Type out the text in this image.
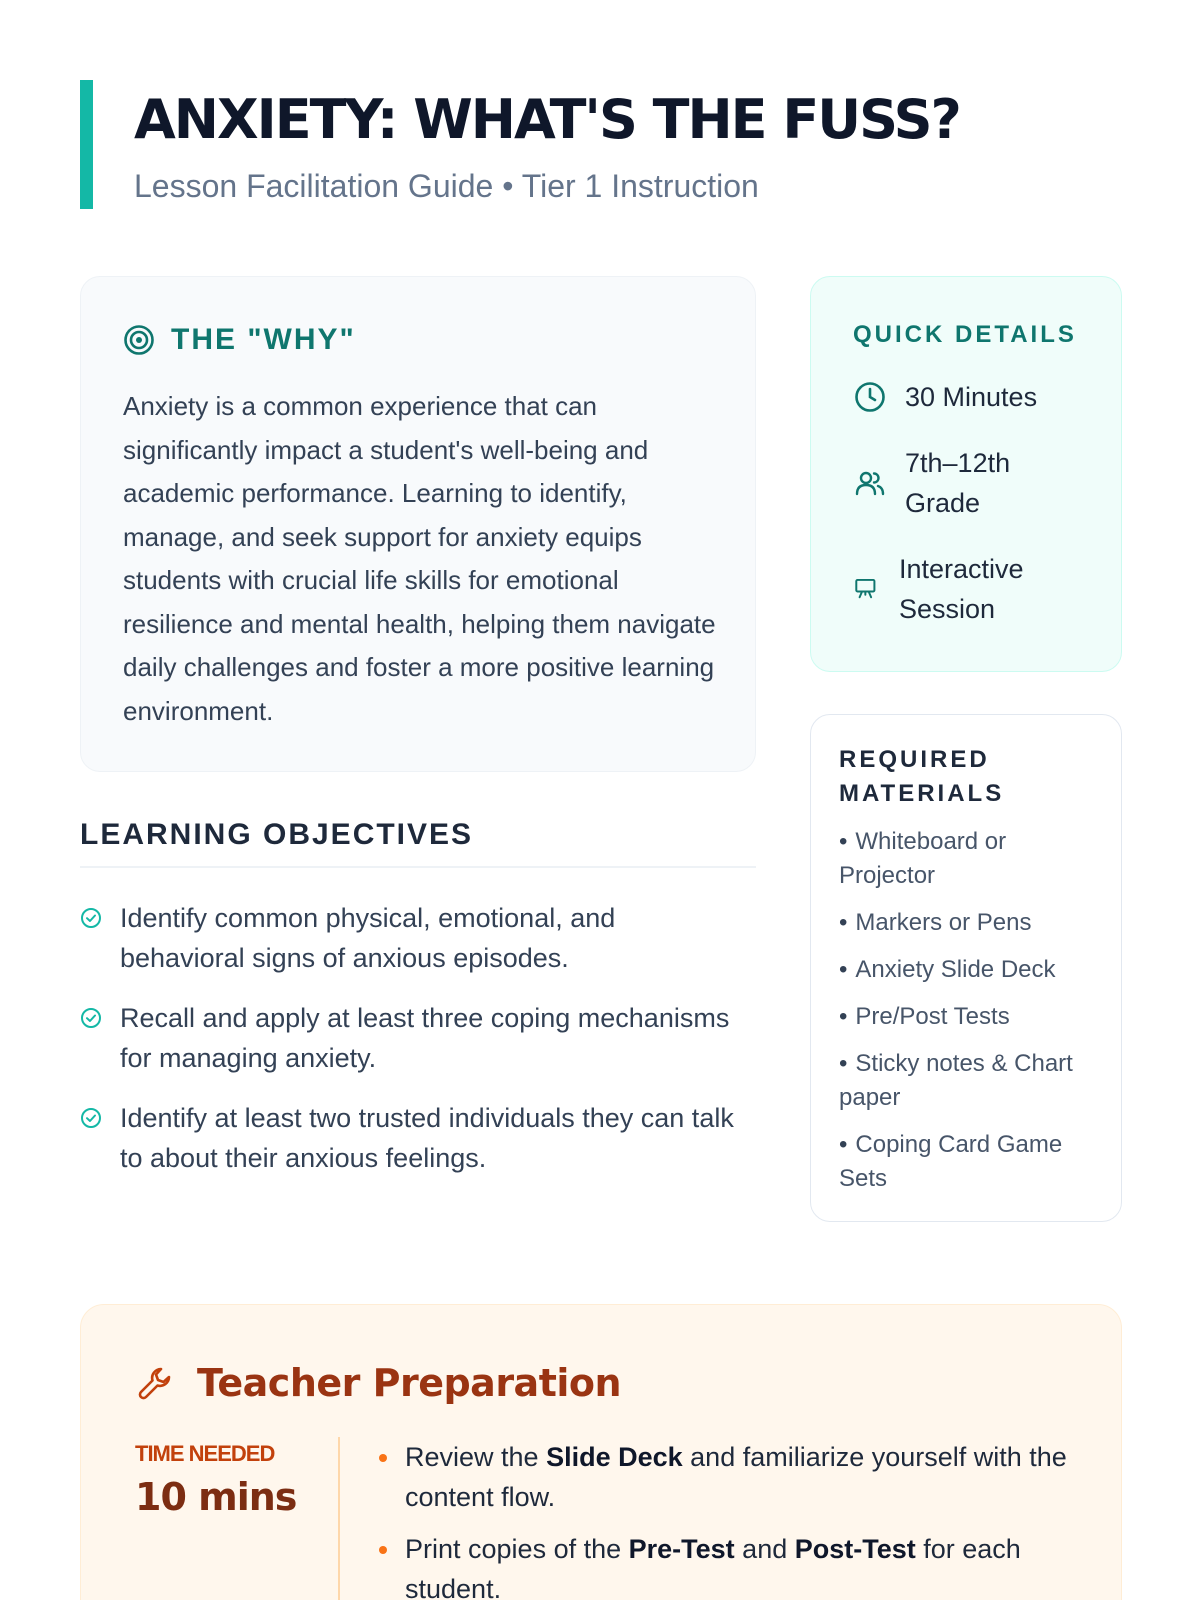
ANXIETY: WHAT'S THE FUSS?
Lesson Facilitation Guide • Tier 1 Instruction
THE "WHY"

Anxiety is a common experience that can significantly impact a student's well-being and academic performance. Learning to identify, manage, and seek support for anxiety equips students with crucial life skills for emotional resilience and mental health, helping them navigate daily challenges and foster a more positive learning environment.

LEARNING OBJECTIVES
Identify common physical, emotional, and behavioral signs of anxious episodes.
Recall and apply at least three coping mechanisms for managing anxiety.
Identify at least two trusted individuals they can talk to about their anxious feelings.
QUICK DETAILS
30 Minutes
7th–12th
Grade
Interactive
Session
REQUIRED MATERIALS
• Whiteboard or Projector
• Markers or Pens
• Anxiety Slide Deck
• Pre/Post Tests
• Sticky notes & Chart paper
• Coping Card Game Sets
Teacher Preparation
TIME NEEDED
10 mins
Review the Slide Deck and familiarize yourself with the content flow.
Print copies of the Pre-Test and Post-Test for each student.
